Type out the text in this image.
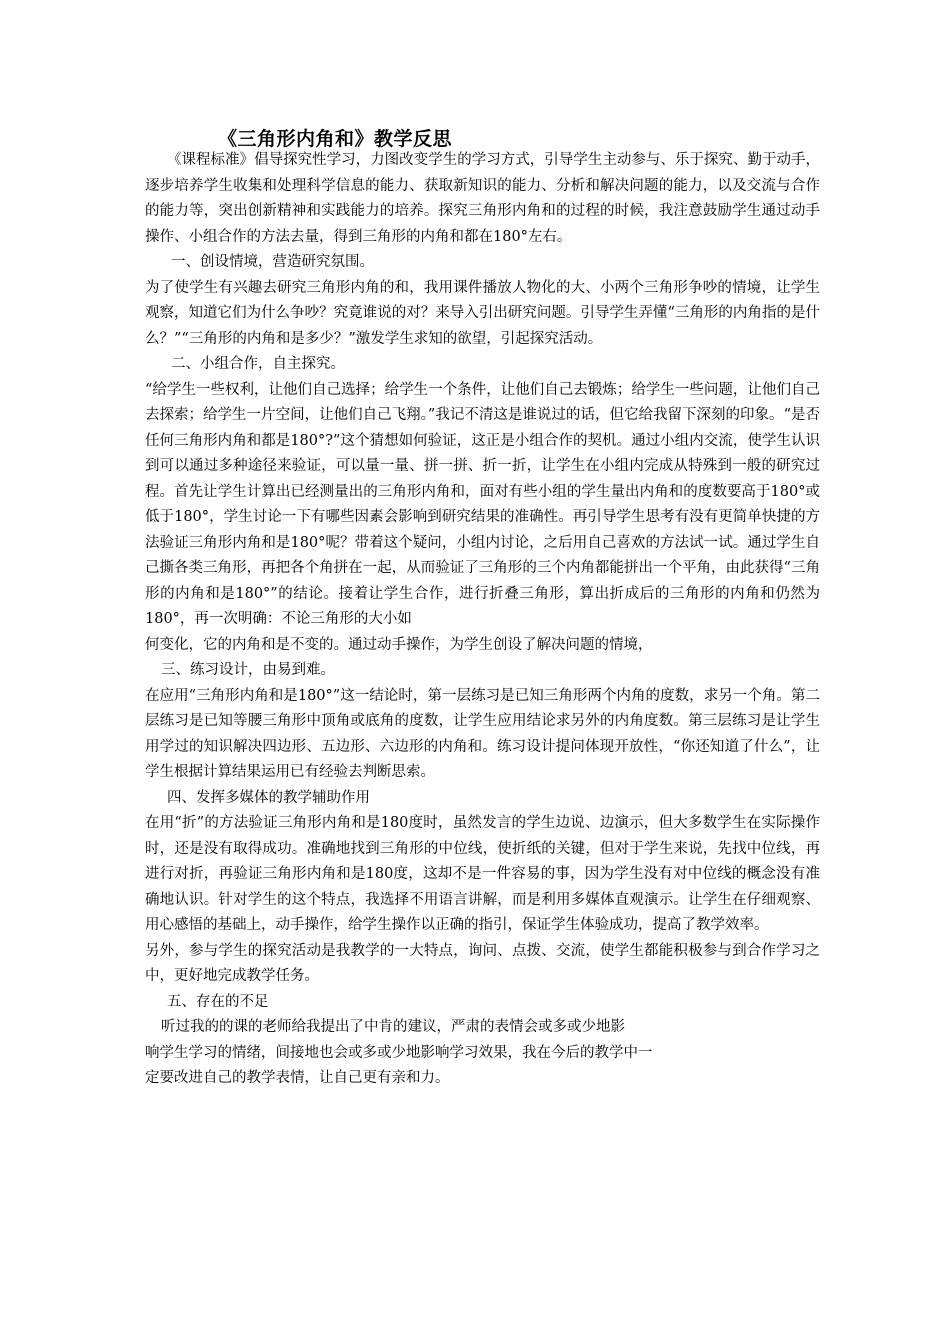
《三角形内角和》教学反思

《课程标准》倡导探究性学习，力图改变学生的学习方式，引导学生主动参与、乐于探究、勤于动手，逐步培养学生收集和处理科学信息的能力、获取新知识的能力、分析和解决问题的能力，以及交流与合作的能力等，突出创新精神和实践能力的培养。探究三角形内角和的过程的时候，我注意鼓励学生通过动手操作、小组合作的方法去量，得到三角形的内角和都在180°左右。

一、创设情境，营造研究氛围。

为了使学生有兴趣去研究三角形内角的和，我用课件播放人物化的大、小两个三角形争吵的情境，让学生观察，知道它们为什么争吵？究竟谁说的对？来导入引出研究问题。引导学生弄懂“三角形的内角指的是什么？”“三角形的内角和是多少？”激发学生求知的欲望，引起探究活动。

二、小组合作，自主探究。

“给学生一些权利，让他们自己选择；给学生一个条件，让他们自己去锻炼；给学生一些问题，让他们自己去探索；给学生一片空间，让他们自己飞翔。”我记不清这是谁说过的话，但它给我留下深刻的印象。“是否任何三角形内角和都是180°?”这个猜想如何验证，这正是小组合作的契机。通过小组内交流，使学生认识到可以通过多种途径来验证，可以量一量、拼一拼、折一折，让学生在小组内完成从特殊到一般的研究过程。首先让学生计算出已经测量出的三角形内角和，面对有些小组的学生量出内角和的度数要高于180°或低于180°，学生讨论一下有哪些因素会影响到研究结果的准确性。再引导学生思考有没有更简单快捷的方法验证三角形内角和是180°呢？带着这个疑问，小组内讨论，之后用自己喜欢的方法试一试。通过学生自己撕各类三角形，再把各个角拼在一起，从而验证了三角形的三个内角都能拼出一个平角，由此获得“三角形的内角和是180°”的结论。接着让学生合作，进行折叠三角形，算出折成后的三角形的内角和仍然为180°，再一次明确：不论三角形的大小如

何变化，它的内角和是不变的。通过动手操作，为学生创设了解决问题的情境，

三、练习设计，由易到难。

在应用“三角形内角和是180°”这一结论时，第一层练习是已知三角形两个内角的度数，求另一个角。第二层练习是已知等腰三角形中顶角或底角的度数，让学生应用结论求另外的内角度数。第三层练习是让学生用学过的知识解决四边形、五边形、六边形的内角和。练习设计提问体现开放性，“你还知道了什么”，让学生根据计算结果运用已有经验去判断思索。

四、发挥多媒体的教学辅助作用

在用“折”的方法验证三角形内角和是180度时，虽然发言的学生边说、边演示，但大多数学生在实际操作时，还是没有取得成功。准确地找到三角形的中位线，使折纸的关键，但对于学生来说，先找中位线，再进行对折，再验证三角形内角和是180度，这却不是一件容易的事，因为学生没有对中位线的概念没有准确地认识。针对学生的这个特点，我选择不用语言讲解，而是利用多媒体直观演示。让学生在仔细观察、用心感悟的基础上，动手操作，给学生操作以正确的指引，保证学生体验成功，提高了教学效率。

另外，参与学生的探究活动是我教学的一大特点，询问、点拨、交流，使学生都能积极参与到合作学习之中，更好地完成教学任务。

五、存在的不足

听过我的的课的老师给我提出了中肯的建议，严肃的表情会或多或少地影

响学生学习的情绪，间接地也会或多或少地影响学习效果，我在今后的教学中一

定要改进自己的教学表情，让自己更有亲和力。
